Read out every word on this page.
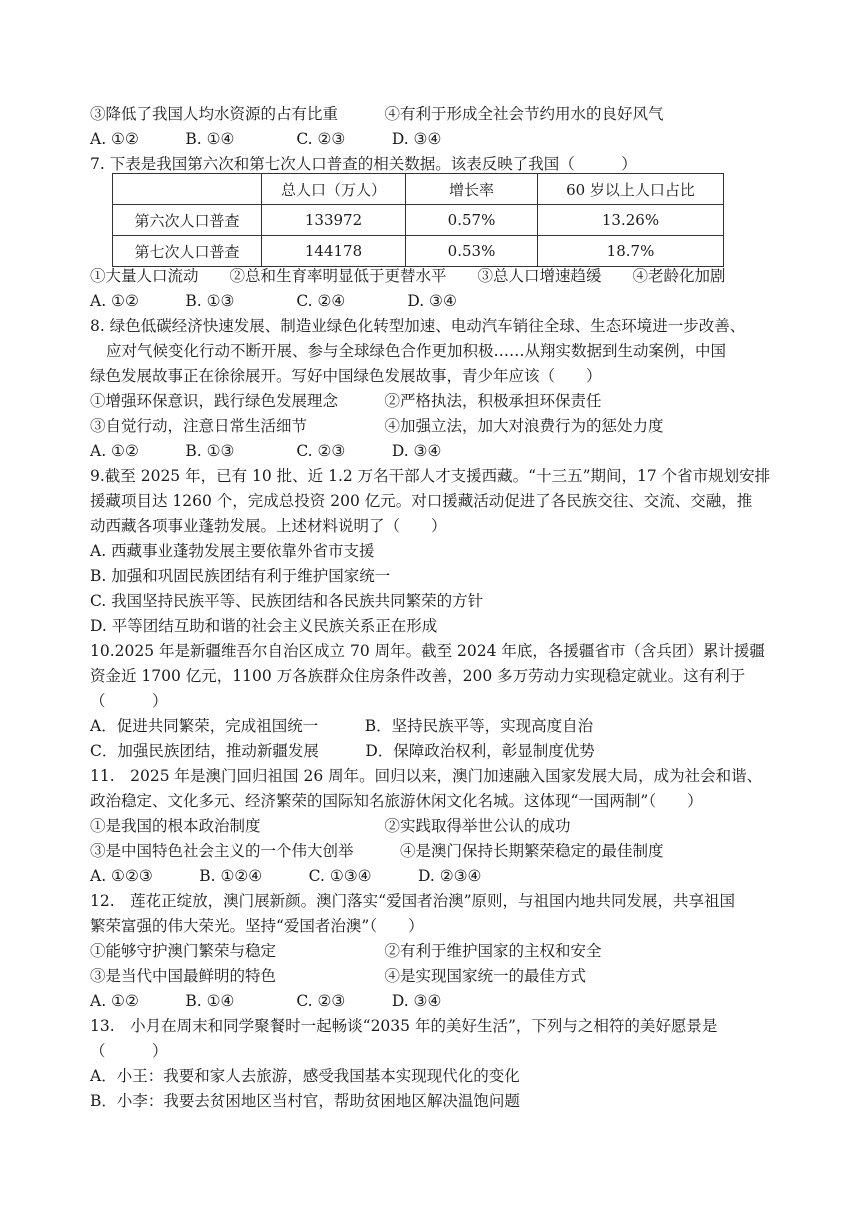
③降低了我国人均水资源的占有比重　　　④有利于形成全社会节约用水的良好风气
A. ①②　　　B. ①④　　　　C. ②③　　　D. ③④
7. 下表是我国第六次和第七次人口普查的相关数据。该表反映了我国（　　　）
	总人口（万人）	增长率	60 岁以上人口占比
第六次人口普查	133972	0.57%	13.26%
第七次人口普查	144178	0.53%	18.7%
①大量人口流动　　②总和生育率明显低于更替水平　　③总人口增速趋缓　　④老龄化加剧
A. ①②　　　B. ①③　　　　C. ②④　　　　D. ③④
8. 绿色低碳经济快速发展、制造业绿色化转型加速、电动汽车销往全球、生态环境进一步改善、
应对气候变化行动不断开展、参与全球绿色合作更加积极……从翔实数据到生动案例，中国
绿色发展故事正在徐徐展开。写好中国绿色发展故事，青少年应该（　　）
①增强环保意识，践行绿色发展理念　　　②严格执法，积极承担环保责任
③自觉行动，注意日常生活细节　　　　　④加强立法，加大对浪费行为的惩处力度
A. ①②　　　B. ①③　　　　C. ②③　　　D. ③④
9.截至 2025 年，已有 10 批、近 1.2 万名干部人才支援西藏。“十三五”期间，17 个省市规划安排
援藏项目达 1260 个，完成总投资 200 亿元。对口援藏活动促进了各民族交往、交流、交融，推
动西藏各项事业蓬勃发展。上述材料说明了（　　）
A. 西藏事业蓬勃发展主要依靠外省市支援
B. 加强和巩固民族团结有利于维护国家统一
C. 我国坚持民族平等、民族团结和各民族共同繁荣的方针
D. 平等团结互助和谐的社会主义民族关系正在形成
10.2025 年是新疆维吾尔自治区成立 70 周年。截至 2024 年底，各援疆省市（含兵团）累计援疆
资金近 1700 亿元，1100 万各族群众住房条件改善，200 多万劳动力实现稳定就业。这有利于
（　　　）
A．促进共同繁荣，完成祖国统一　　　B．坚持民族平等，实现高度自治
C．加强民族团结，推动新疆发展　　　D．保障政治权利，彰显制度优势
11.　2025 年是澳门回归祖国 26 周年。回归以来，澳门加速融入国家发展大局，成为社会和谐、
政治稳定、文化多元、经济繁荣的国际知名旅游休闲文化名城。这体现“一国两制”（　　）
①是我国的根本政治制度　　　　　　　　②实践取得举世公认的成功
③是中国特色社会主义的一个伟大创举　　　④是澳门保持长期繁荣稳定的最佳制度
A. ①②③　　　B. ①②④　　　C. ①③④　　　D. ②③④
12.　莲花正绽放，澳门展新颜。澳门落实“爱国者治澳”原则，与祖国内地共同发展，共享祖国
繁荣富强的伟大荣光。坚持“爱国者治澳”（　　）
①能够守护澳门繁荣与稳定　　　　　　　②有利于维护国家的主权和安全
③是当代中国最鲜明的特色　　　　　　　④是实现国家统一的最佳方式
A. ①②　　　B. ①④　　　　C. ②③　　　D. ③④
13.　小月在周末和同学聚餐时一起畅谈“2035 年的美好生活”，下列与之相符的美好愿景是
（　　　）
A．小王：我要和家人去旅游，感受我国基本实现现代化的变化
B．小李：我要去贫困地区当村官，帮助贫困地区解决温饱问题
